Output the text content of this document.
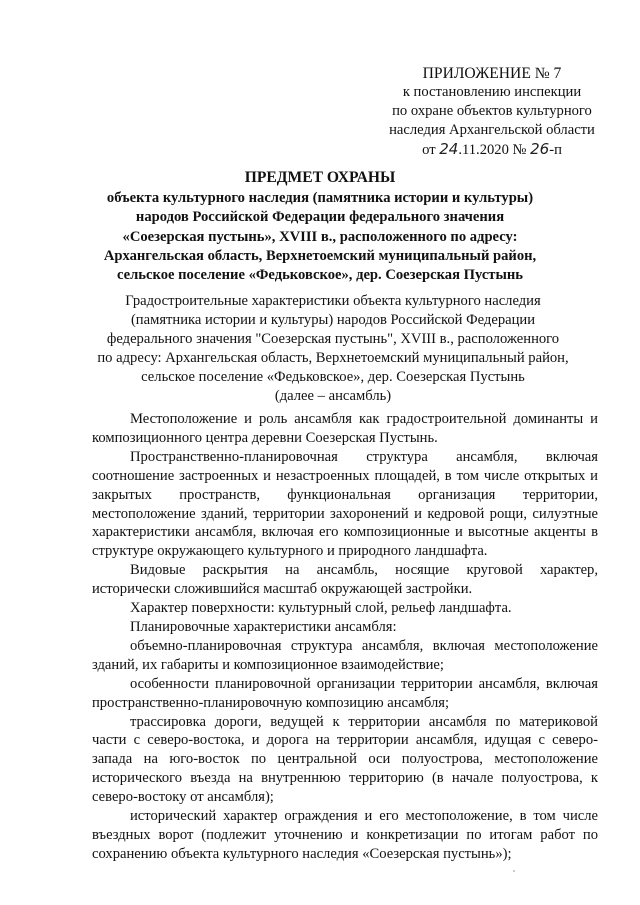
ПРИЛОЖЕНИЕ № 7
к постановлению инспекции
по охране объектов культурного
наследия Архангельской области
от 24.11.2020 № 26-п
ПРЕДМЕТ ОХРАНЫ
объекта культурного наследия (памятника истории и культуры)
народов Российской Федерации федерального значения
«Соезерская пустынь», XVIII в., расположенного по адресу:
Архангельская область, Верхнетоемский муниципальный район,
сельское поселение «Федьковское», дер. Соезерская Пустынь
Градостроительные характеристики объекта культурного наследия
(памятника истории и культуры) народов Российской Федерации
федерального значения "Соезерская пустынь", XVIII в., расположенного
по адресу: Архангельская область, Верхнетоемский муниципальный район,
сельское поселение «Федьковское», дер. Соезерская Пустынь
(далее – ансамбль)

Местоположение и роль ансамбля как градостроительной доминанты и композиционного центра деревни Соезерская Пустынь.

Пространственно-планировочная структура ансамбля, включая соотношение застроенных и незастроенных площадей, в том числе открытых и закрытых пространств, функциональная организация территории, местоположение зданий, территории захоронений и кедровой рощи, силуэтные характеристики ансамбля, включая его композиционные и высотные акценты в структуре окружающего культурного и природного ландшафта.

Видовые раскрытия на ансамбль, носящие круговой характер, исторически сложившийся масштаб окружающей застройки.

Характер поверхности: культурный слой, рельеф ландшафта.

Планировочные характеристики ансамбля:

объемно-планировочная структура ансамбля, включая местоположение зданий, их габариты и композиционное взаимодействие;

особенности планировочной организации территории ансамбля, включая пространственно-планировочную композицию ансамбля;

трассировка дороги, ведущей к территории ансамбля по материковой части с северо-востока, и дорога на территории ансамбля, идущая с северо-запада на юго-восток по центральной оси полуострова, местоположение исторического въезда на внутреннюю территорию (в начале полуострова, к северо-востоку от ансамбля);

исторический характер ограждения и его местоположение, в том числе въездных ворот (подлежит уточнению и конкретизации по итогам работ по сохранению объекта культурного наследия «Соезерская пустынь»);
